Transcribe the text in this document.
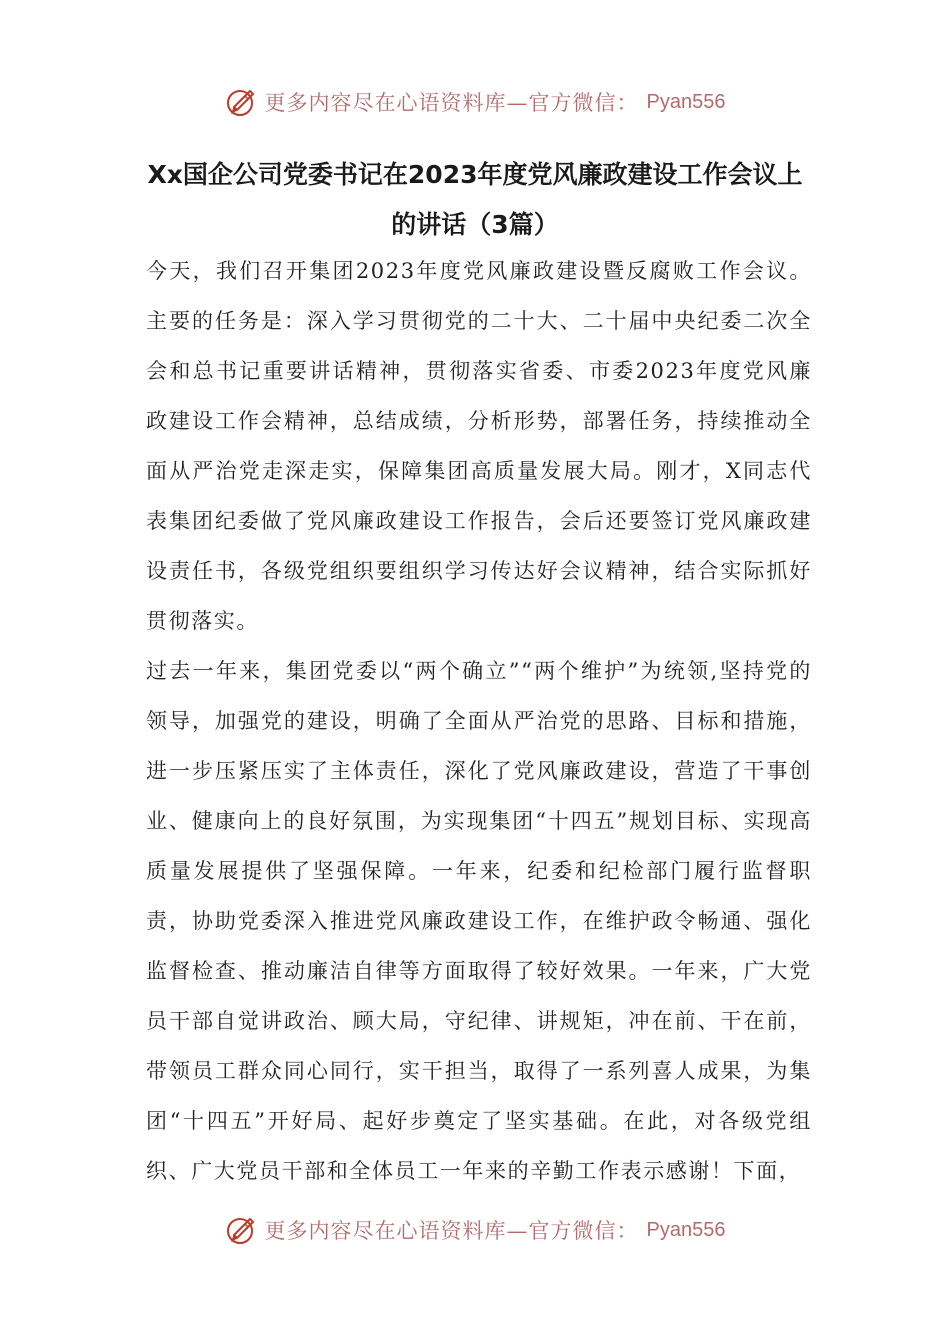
更多内容尽在心语资料库—官方微信： Pyan556
Xx国企公司党委书记在2023年度党风廉政建设工作会议上
的讲话（3篇）

今天，我们召开集团2023年度党风廉政建设暨反腐败工作会议。主要的任务是：深入学习贯彻党的二十大、二十届中央纪委二次全会和总书记重要讲话精神，贯彻落实省委、市委2023年度党风廉政建设工作会精神，总结成绩，分析形势，部署任务，持续推动全面从严治党走深走实，保障集团高质量发展大局。刚才，X同志代表集团纪委做了党风廉政建设工作报告，会后还要签订党风廉政建设责任书，各级党组织要组织学习传达好会议精神，结合实际抓好贯彻落实。

过去一年来，集团党委以“两个确立”“两个维护”为统领,坚持党的领导，加强党的建设，明确了全面从严治党的思路、目标和措施，进一步压紧压实了主体责任，深化了党风廉政建设，营造了干事创业、健康向上的良好氛围，为实现集团“十四五”规划目标、实现高质量发展提供了坚强保障。一年来，纪委和纪检部门履行监督职责，协助党委深入推进党风廉政建设工作，在维护政令畅通、强化监督检查、推动廉洁自律等方面取得了较好效果。一年来，广大党员干部自觉讲政治、顾大局，守纪律、讲规矩，冲在前、干在前，带领员工群众同心同行，实干担当，取得了一系列喜人成果，为集团“十四五”开好局、起好步奠定了坚实基础。在此，对各级党组织、广大党员干部和全体员工一年来的辛勤工作表示感谢！下面，

更多内容尽在心语资料库—官方微信： Pyan556
